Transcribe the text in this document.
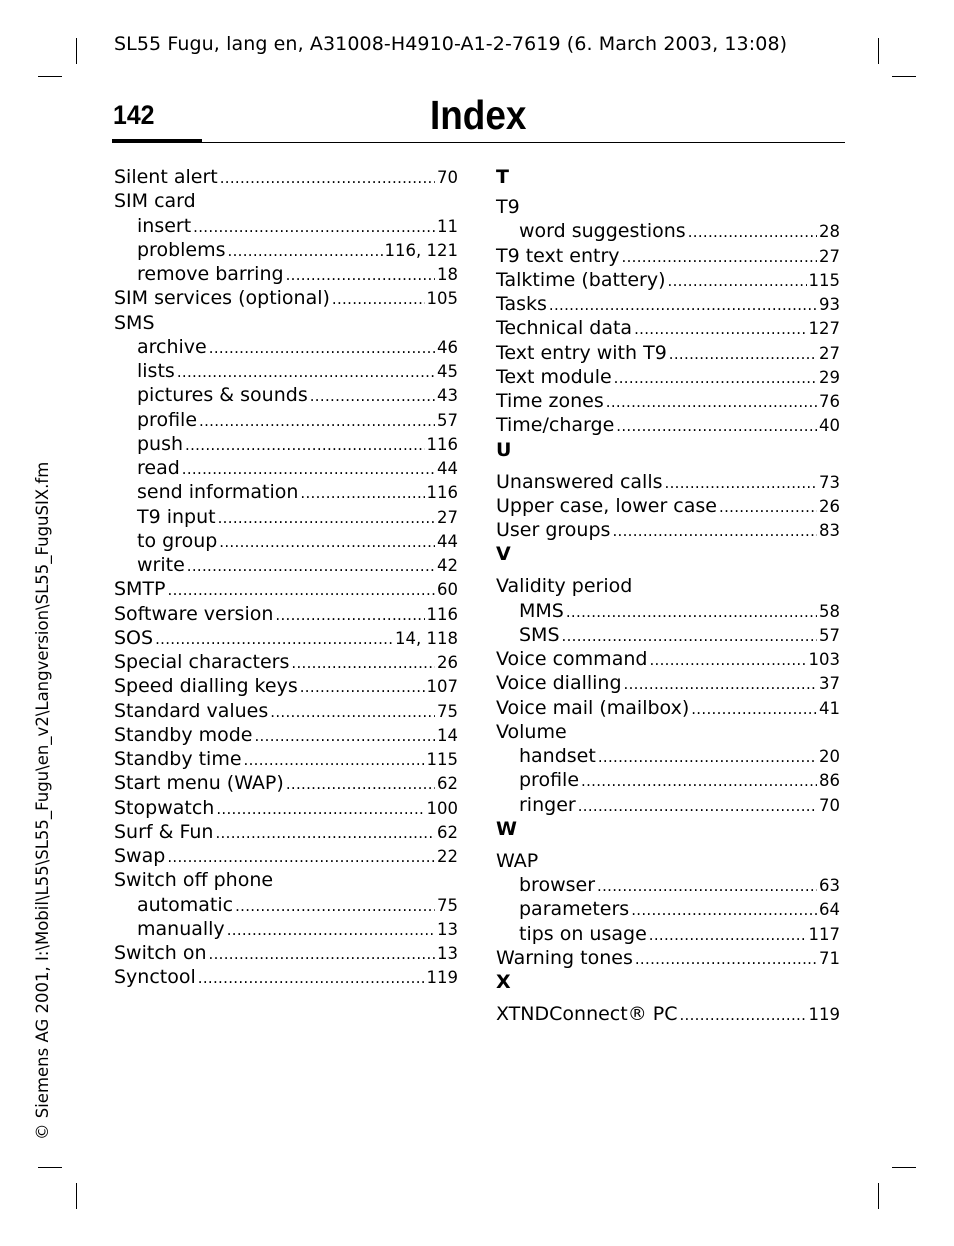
SL55 Fugu, lang en, A31008-H4910-A1-2-7619 (6. March 2003, 13:08)
142	Index
© Siemens AG 2001, I:\Mobil\L55\SL55_Fugu\en_v2\Langversion\SL55_FuguSIX.fm
Silent alert .....	70
SIM card
insert .....	11
problems .....	116, 121
remove barring .....	18
SIM services (optional) .....	105
SMS
archive .....	46
lists .....	45
pictures & sounds .....	43
profile .....	57
push .....	116
read .....	44
send information .....	116
T9 input .....	27
to group .....	44
write .....	42
SMTP .....	60
Software version .....	116
SOS .....	14, 118
Special characters .....	26
Speed dialling keys .....	107
Standard values .....	75
Standby mode .....	14
Standby time .....	115
Start menu (WAP) .....	62
Stopwatch .....	100
Surf & Fun .....	62
Swap .....	22
Switch off phone
automatic .....	75
manually .....	13
Switch on .....	13
Synctool .....	119
T
T9
word suggestions .....	28
T9 text entry .....	27
Talktime (battery) .....	115
Tasks .....	93
Technical data .....	127
Text entry with T9 .....	27
Text module .....	29
Time zones .....	76
Time/charge .....	40
U
Unanswered calls .....	73
Upper case, lower case .....	26
User groups .....	83
V
Validity period
MMS .....	58
SMS .....	57
Voice command .....	103
Voice dialling .....	37
Voice mail (mailbox) .....	41
Volume
handset .....	20
profile .....	86
ringer .....	70
W
WAP
browser .....	63
parameters .....	64
tips on usage .....	117
Warning tones .....	71
X
XTNDConnect® PC .....	119
